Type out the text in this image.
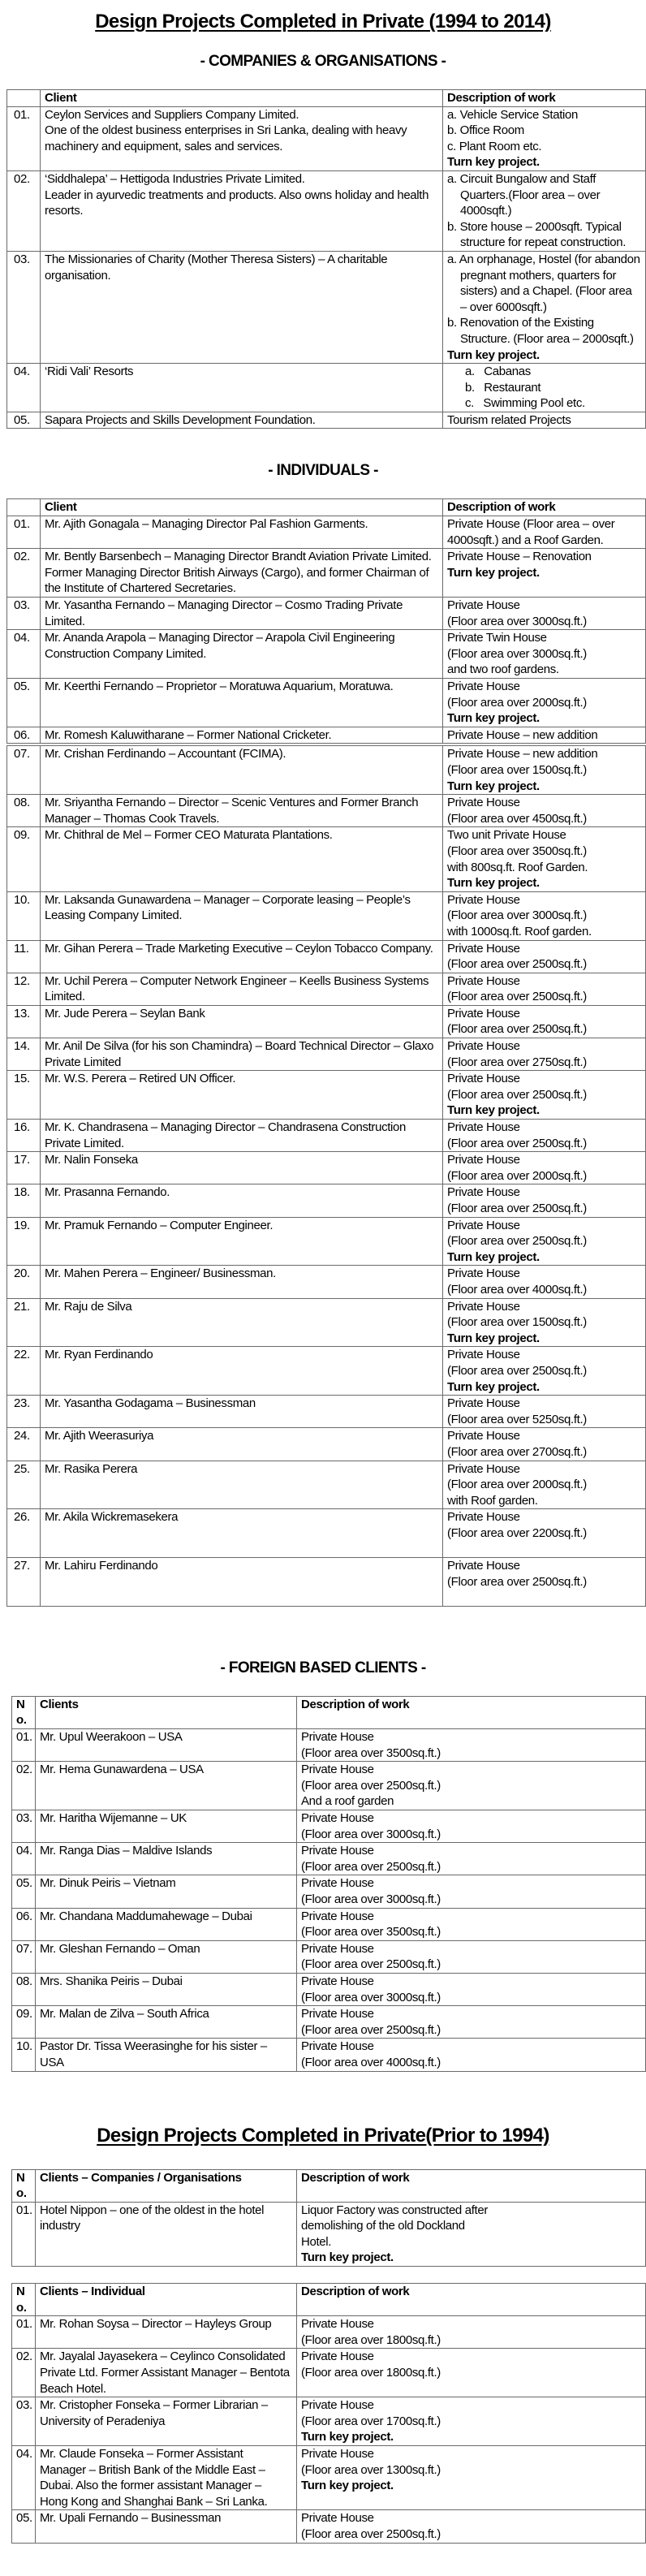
Design Projects Completed in Private (1994 to 2014)
- COMPANIES & ORGANISATIONS -
	Client	Description of work
01.	Ceylon Services and Suppliers Company Limited.
One of the oldest business enterprises in Sri Lanka, dealing with heavy machinery and equipment, sales and services.	a. Vehicle Service Station
b. Office Room
c. Plant Room etc.
Turn key project.

02.	‘Siddhalepa’ – Hettigoda Industries Private Limited.
Leader in ayurvedic treatments and products. Also owns holiday and health resorts.	a. Circuit Bungalow and Staff Quarters.(Floor area – over 4000sqft.)
b. Store house – 2000sqft. Typical structure for repeat construction.

03.	The Missionaries of Charity (Mother Theresa Sisters) – A charitable organisation.	a. An orphanage, Hostel (for abandon pregnant mothers, quarters for sisters) and a Chapel. (Floor area – over 6000sqft.)
b. Renovation of the Existing Structure. (Floor area – 2000sqft.)
Turn key project.

04.	‘Ridi Vali’ Resorts	a.   Cabanas
b.   Restaurant
c.   Swimming Pool etc.

05.	Sapara Projects and Skills Development Foundation.	Tourism related Projects
- INDIVIDUALS -
	Client	Description of work
01.	Mr. Ajith Gonagala – Managing Director Pal Fashion Garments.	Private House (Floor area – over 4000sqft.) and a Roof Garden.

02.	Mr. Bently Barsenbech – Managing Director Brandt Aviation Private Limited. Former Managing Director British Airways (Cargo), and former Chairman of the Institute of Chartered Secretaries.	Private House – Renovation
Turn key project.

03.	Mr. Yasantha Fernando – Managing Director – Cosmo Trading Private Limited.	Private House
(Floor area over 3000sq.ft.)

04.	Mr. Ananda Arapola – Managing Director – Arapola Civil Engineering Construction Company Limited.	Private Twin House
(Floor area over 3000sq.ft.)
and two roof gardens.

05.	Mr. Keerthi Fernando – Proprietor – Moratuwa Aquarium, Moratuwa.	Private House
(Floor area over 2000sq.ft.)
Turn key project.

06.	Mr. Romesh Kaluwitharane – Former National Cricketer.	Private House – new addition
07.	Mr. Crishan Ferdinando – Accountant (FCIMA).	Private House – new addition
(Floor area over 1500sq.ft.)
Turn key project.

08.	Mr. Sriyantha Fernando – Director – Scenic Ventures and Former Branch Manager – Thomas Cook Travels.	Private House
(Floor area over 4500sq.ft.)

09.	Mr. Chithral de Mel – Former CEO Maturata Plantations.	Two unit Private House
(Floor area over 3500sq.ft.)
with 800sq.ft. Roof Garden.
Turn key project.

10.	Mr. Laksanda Gunawardena – Manager – Corporate leasing – People’s Leasing Company Limited.	Private House
(Floor area over 3000sq.ft.)
with 1000sq.ft. Roof garden.

11.	Mr. Gihan Perera – Trade Marketing Executive – Ceylon Tobacco Company.	Private House
(Floor area over 2500sq.ft.)

12.	Mr. Uchil Perera – Computer Network Engineer – Keells Business Systems Limited.	Private House
(Floor area over 2500sq.ft.)

13.	Mr. Jude Perera – Seylan Bank	Private House
(Floor area over 2500sq.ft.)

14.	Mr. Anil De Silva (for his son Chamindra) – Board Technical Director – Glaxo Private Limited	Private House
(Floor area over 2750sq.ft.)

15.	Mr. W.S. Perera – Retired UN Officer.	Private House
(Floor area over 2500sq.ft.)
Turn key project.

16.	Mr. K. Chandrasena – Managing Director – Chandrasena Construction Private Limited.	Private House
(Floor area over 2500sq.ft.)

17.	Mr. Nalin Fonseka	Private House
(Floor area over 2000sq.ft.)

18.	Mr. Prasanna Fernando.	Private House
(Floor area over 2500sq.ft.)

19.	Mr. Pramuk Fernando – Computer Engineer.	Private House
(Floor area over 2500sq.ft.)
Turn key project.

20.	Mr. Mahen Perera – Engineer/ Businessman.	Private House
(Floor area over 4000sq.ft.)

21.	Mr. Raju de Silva	Private House
(Floor area over 1500sq.ft.)
Turn key project.

22.	Mr. Ryan Ferdinando	Private House
(Floor area over 2500sq.ft.)
Turn key project.

23.	Mr. Yasantha Godagama – Businessman	Private House
(Floor area over 5250sq.ft.)

24.	Mr. Ajith Weerasuriya	Private House
(Floor area over 2700sq.ft.)

25.	Mr. Rasika Perera	Private House
(Floor area over 2000sq.ft.)
with Roof garden.

26.	Mr. Akila Wickremasekera	Private House
(Floor area over 2200sq.ft.)

27.	Mr. Lahiru Ferdinando	Private House
(Floor area over 2500sq.ft.)

- FOREIGN BASED CLIENTS -
No.	Clients	Description of work
01.	Mr. Upul Weerakoon – USA	Private House
(Floor area over 3500sq.ft.)

02.	Mr. Hema Gunawardena – USA	Private House
(Floor area over 2500sq.ft.)
And a roof garden

03.	Mr. Haritha Wijemanne – UK	Private House
(Floor area over 3000sq.ft.)

04.	Mr. Ranga Dias – Maldive Islands	Private House
(Floor area over 2500sq.ft.)

05.	Mr. Dinuk Peiris – Vietnam	Private House
(Floor area over 3000sq.ft.)

06.	Mr. Chandana Maddumahewage – Dubai	Private House
(Floor area over 3500sq.ft.)

07.	Mr. Gleshan Fernando – Oman	Private House
(Floor area over 2500sq.ft.)

08.	Mrs. Shanika Peiris – Dubai	Private House
(Floor area over 3000sq.ft.)

09.	Mr. Malan de Zilva – South Africa	Private House
(Floor area over 2500sq.ft.)

10.	Pastor Dr. Tissa Weerasinghe for his sister – USA	Private House
(Floor area over 4000sq.ft.)
Design Projects Completed in Private(Prior to 1994)
No.	Clients – Companies / Organisations	Description of work
01.	Hotel Nippon – one of the oldest in the hotel industry	Liquor Factory was constructed after demolishing of the old Dockland Hotel.
Turn key project.
No.	Clients – Individual	Description of work
01.	Mr. Rohan Soysa – Director – Hayleys Group	Private House
(Floor area over 1800sq.ft.)

02.	Mr. Jayalal Jayasekera – Ceylinco Consolidated Private Ltd. Former Assistant Manager – Bentota Beach Hotel.	Private House
(Floor area over 1800sq.ft.)

03.	Mr. Cristopher Fonseka – Former Librarian – University of Peradeniya	Private House
(Floor area over 1700sq.ft.)
Turn key project.

04.	Mr. Claude Fonseka – Former Assistant Manager – British Bank of the Middle East – Dubai. Also the former assistant Manager – Hong Kong and Shanghai Bank – Sri Lanka.	Private House
(Floor area over 1300sq.ft.)
Turn key project.

05.	Mr. Upali Fernando – Businessman	Private House
(Floor area over 2500sq.ft.)
